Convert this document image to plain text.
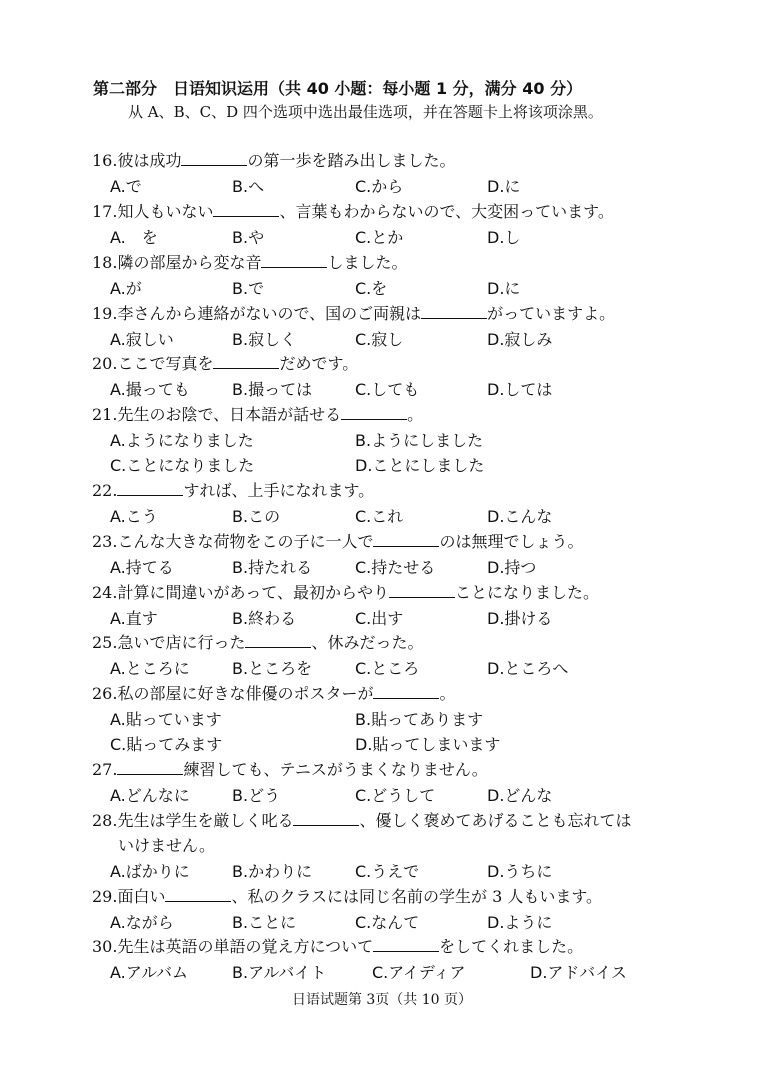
第二部分　日语知识运用（共 40 小题：每小题 1 分，满分 40 分）
从 A、B、C、D 四个选项中选出最佳选项，并在答题卡上将该项涂黑。
16.彼は成功	の第一歩を踏み出しました。
A.で	B.へ	C.から	D.に
17.知人もいない	、言葉もわからないので、大変困っています。
A.　を	B.や	C.とか	D.し
18.隣の部屋から変な音	しました。
A.が	B.で	C.を	D.に
19.李さんから連絡がないので、国のご両親は	がっていますよ。
A.寂しい	B.寂しく	C.寂し	D.寂しみ
20.ここで写真を	だめです。
A.撮っても	B.撮っては	C.しても	D.しては
21.先生のお陰で、日本語が話せる	。
A.ようになりました	B.ようにしました
C.ことになりました	D.ことにしました
22.	すれば、上手になれます。
A.こう	B.この	C.これ	D.こんな
23.こんな大きな荷物をこの子に一人で	のは無理でしょう。
A.持てる	B.持たれる	C.持たせる	D.持つ
24.計算に間違いがあって、最初からやり	ことになりました。
A.直す	B.終わる	C.出す	D.掛ける
25.急いで店に行った	、休みだった。
A.ところに	B.ところを	C.ところ	D.ところへ
26.私の部屋に好きな俳優のポスターが	。
A.貼っています	B.貼ってあります
C.貼ってみます	D.貼ってしまいます
27.	練習しても、テニスがうまくなりません。
A.どんなに	B.どう	C.どうして	D.どんな
28.先生は学生を厳しく叱る	、優しく褒めてあげることも忘れては
いけません。
A.ばかりに	B.かわりに	C.うえで	D.うちに
29.面白い	、私のクラスには同じ名前の学生が 3 人もいます。
A.ながら	B.ことに	C.なんて	D.ように
30.先生は英語の単語の覚え方について	をしてくれました。
A.アルバム	B.アルバイト	C.アイディア	D.アドバイス
日语试题第 3页（共 10 页）
